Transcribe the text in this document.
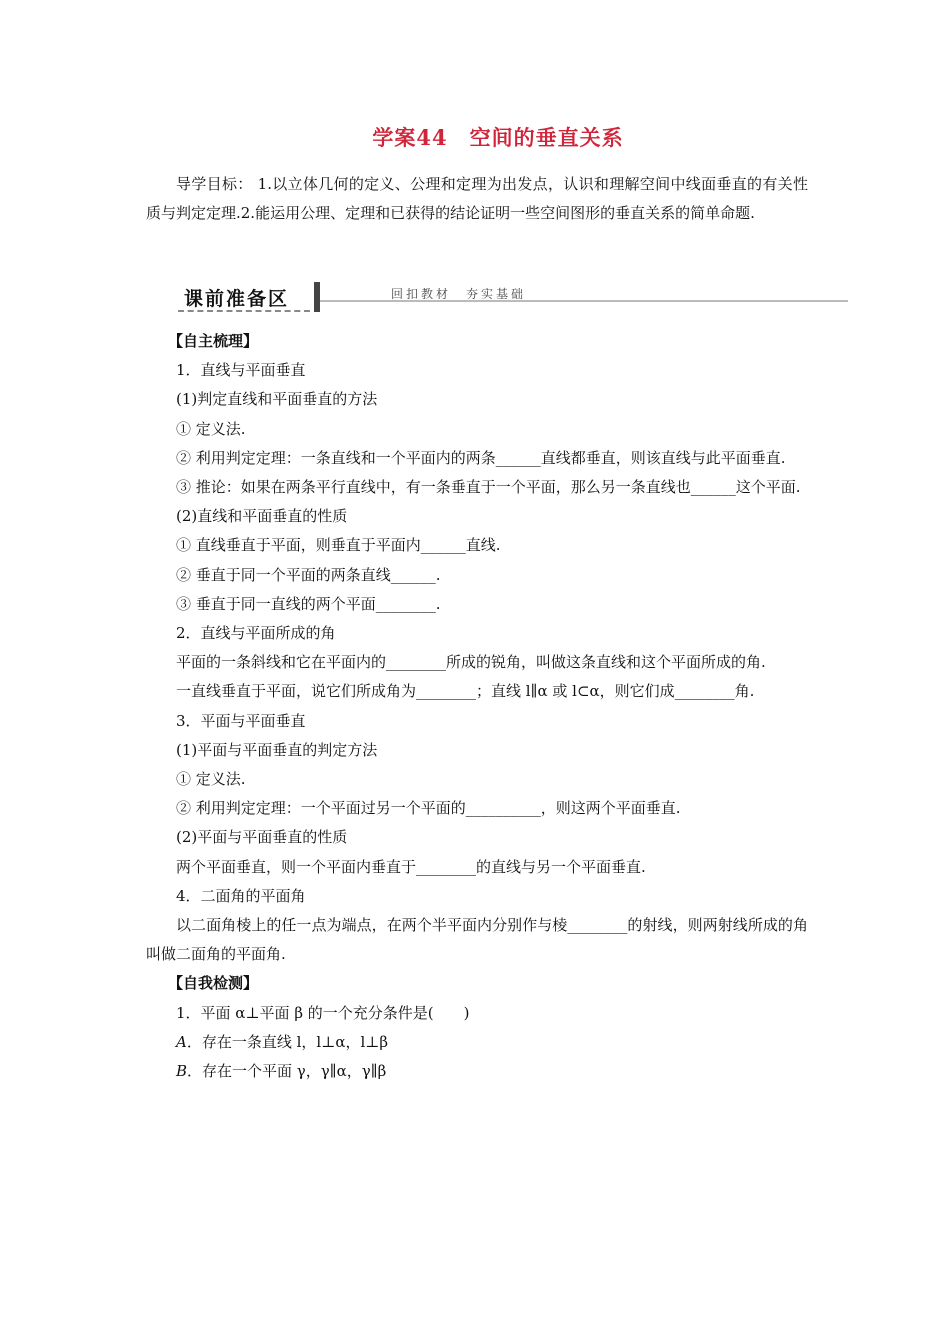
学案44　空间的垂直关系
导学目标： 1.以立体几何的定义、公理和定理为出发点，认识和理解空间中线面垂直的有关性质与判定定理.2.能运用公理、定理和已获得的结论证明一些空间图形的垂直关系的简单命题.
课前准备区	回扣教材　夯实基础

【自主梳理】

1．直线与平面垂直

(1)判定直线和平面垂直的方法

① 定义法.

② 利用判定定理：一条直线和一个平面内的两条______直线都垂直，则该直线与此平面垂直.

③ 推论：如果在两条平行直线中，有一条垂直于一个平面，那么另一条直线也______这个平面.

(2)直线和平面垂直的性质

① 直线垂直于平面，则垂直于平面内______直线.

② 垂直于同一个平面的两条直线______.

③ 垂直于同一直线的两个平面________.

2．直线与平面所成的角

平面的一条斜线和它在平面内的________所成的锐角，叫做这条直线和这个平面所成的角.

一直线垂直于平面，说它们所成角为________；直线 l∥α 或 l⊂α，则它们成________角.

3．平面与平面垂直

(1)平面与平面垂直的判定方法

① 定义法.

② 利用判定定理：一个平面过另一个平面的__________，则这两个平面垂直.

(2)平面与平面垂直的性质

两个平面垂直，则一个平面内垂直于________的直线与另一个平面垂直.

4．二面角的平面角

以二面角棱上的任一点为端点，在两个半平面内分别作与棱________的射线，则两射线所成的角叫做二面角的平面角.

【自我检测】

1．平面 α⊥平面 β 的一个充分条件是(　　)

A．存在一条直线 l，l⊥α，l⊥β

B．存在一个平面 γ，γ∥α，γ∥β
